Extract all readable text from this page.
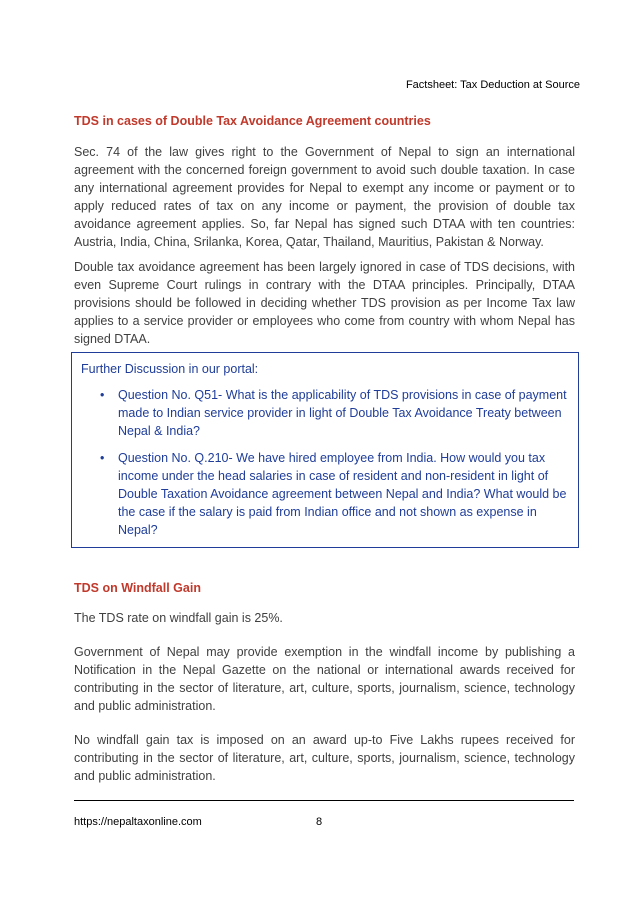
Factsheet: Tax Deduction at Source
TDS in cases of Double Tax Avoidance Agreement countries

Sec. 74 of the law gives right to the Government of Nepal to sign an international agreement with the concerned foreign government to avoid such double taxation. In case any international agreement provides for Nepal to exempt any income or payment or to apply reduced rates of tax on any income or payment, the provision of double tax avoidance agreement applies. So, far Nepal has signed such DTAA with ten countries: Austria, India, China, Srilanka, Korea, Qatar, Thailand, Mauritius, Pakistan & Norway.

Double tax avoidance agreement has been largely ignored in case of TDS decisions, with even Supreme Court rulings in contrary with the DTAA principles. Principally, DTAA provisions should be followed in deciding whether TDS provision as per Income Tax law applies to a service provider or employees who come from country with whom Nepal has signed DTAA.

Further Discussion in our portal:
• Question No. Q51- What is the applicability of TDS provisions in case of payment made to Indian service provider in light of Double Tax Avoidance Treaty between Nepal & India?
• Question No. Q.210- We have hired employee from India. How would you tax income under the head salaries in case of resident and non-resident in light of Double Taxation Avoidance agreement between Nepal and India? What would be the case if the salary is paid from Indian office and not shown as expense in Nepal?
TDS on Windfall Gain

The TDS rate on windfall gain is 25%.

Government of Nepal may provide exemption in the windfall income by publishing a Notification in the Nepal Gazette on the national or international awards received for contributing in the sector of literature, art, culture, sports, journalism, science, technology and public administration.

No windfall gain tax is imposed on an award up-to Five Lakhs rupees received for contributing in the sector of literature, art, culture, sports, journalism, science, technology and public administration.

https://nepaltaxonline.com	8
